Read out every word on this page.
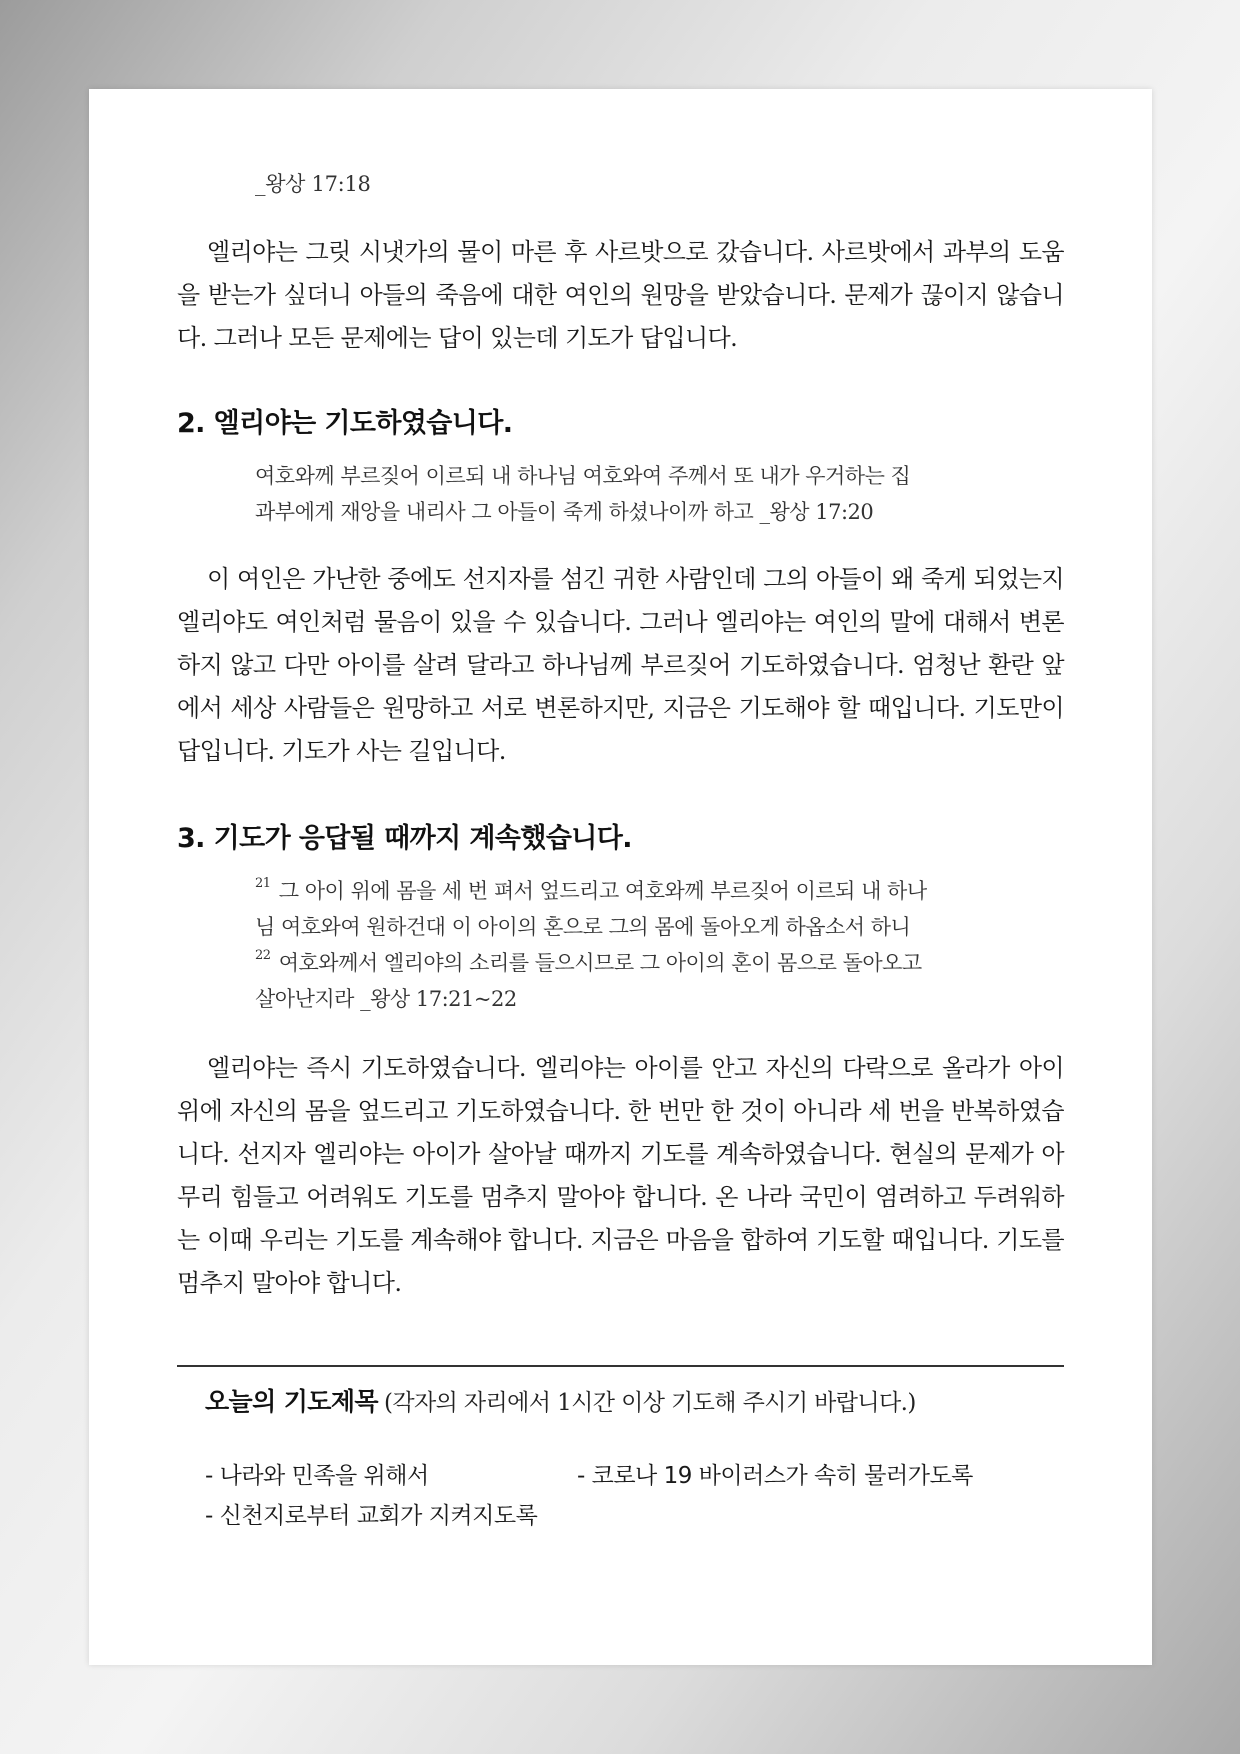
_왕상 17:18

엘리야는 그릿 시냇가의 물이 마른 후 사르밧으로 갔습니다. 사르밧에서 과부의 도움을 받는가 싶더니 아들의 죽음에 대한 여인의 원망을 받았습니다. 문제가 끊이지 않습니다. 그러나 모든 문제에는 답이 있는데 기도가 답입니다.

2. 엘리야는 기도하였습니다.
여호와께 부르짖어 이르되 내 하나님 여호와여 주께서 또 내가 우거하는 집
과부에게 재앙을 내리사 그 아들이 죽게 하셨나이까 하고 _왕상 17:20

이 여인은 가난한 중에도 선지자를 섬긴 귀한 사람인데 그의 아들이 왜 죽게 되었는지 엘리야도 여인처럼 물음이 있을 수 있습니다. 그러나 엘리야는 여인의 말에 대해서 변론하지 않고 다만 아이를 살려 달라고 하나님께 부르짖어 기도하였습니다. 엄청난 환란 앞에서 세상 사람들은 원망하고 서로 변론하지만, 지금은 기도해야 할 때입니다. 기도만이 답입니다. 기도가 사는 길입니다.

3. 기도가 응답될 때까지 계속했습니다.
$^{21}$ 그 아이 위에 몸을 세 번 펴서 엎드리고 여호와께 부르짖어 이르되 내 하나
님 여호와여 원하건대 이 아이의 혼으로 그의 몸에 돌아오게 하옵소서 하니
$^{22}$ 여호와께서 엘리야의 소리를 들으시므로 그 아이의 혼이 몸으로 돌아오고
살아난지라 _왕상 17:21~22

엘리야는 즉시 기도하였습니다. 엘리야는 아이를 안고 자신의 다락으로 올라가 아이 위에 자신의 몸을 엎드리고 기도하였습니다. 한 번만 한 것이 아니라 세 번을 반복하였습니다. 선지자 엘리야는 아이가 살아날 때까지 기도를 계속하였습니다. 현실의 문제가 아무리 힘들고 어려워도 기도를 멈추지 말아야 합니다. 온 나라 국민이 염려하고 두려워하는 이때 우리는 기도를 계속해야 합니다. 지금은 마음을 합하여 기도할 때입니다. 기도를 멈추지 말아야 합니다.

오늘의 기도제목 (각자의 자리에서 1시간 이상 기도해 주시기 바랍니다.)
- 나라와 민족을 위해서	- 코로나 19 바이러스가 속히 물러가도록
- 신천지로부터 교회가 지켜지도록
